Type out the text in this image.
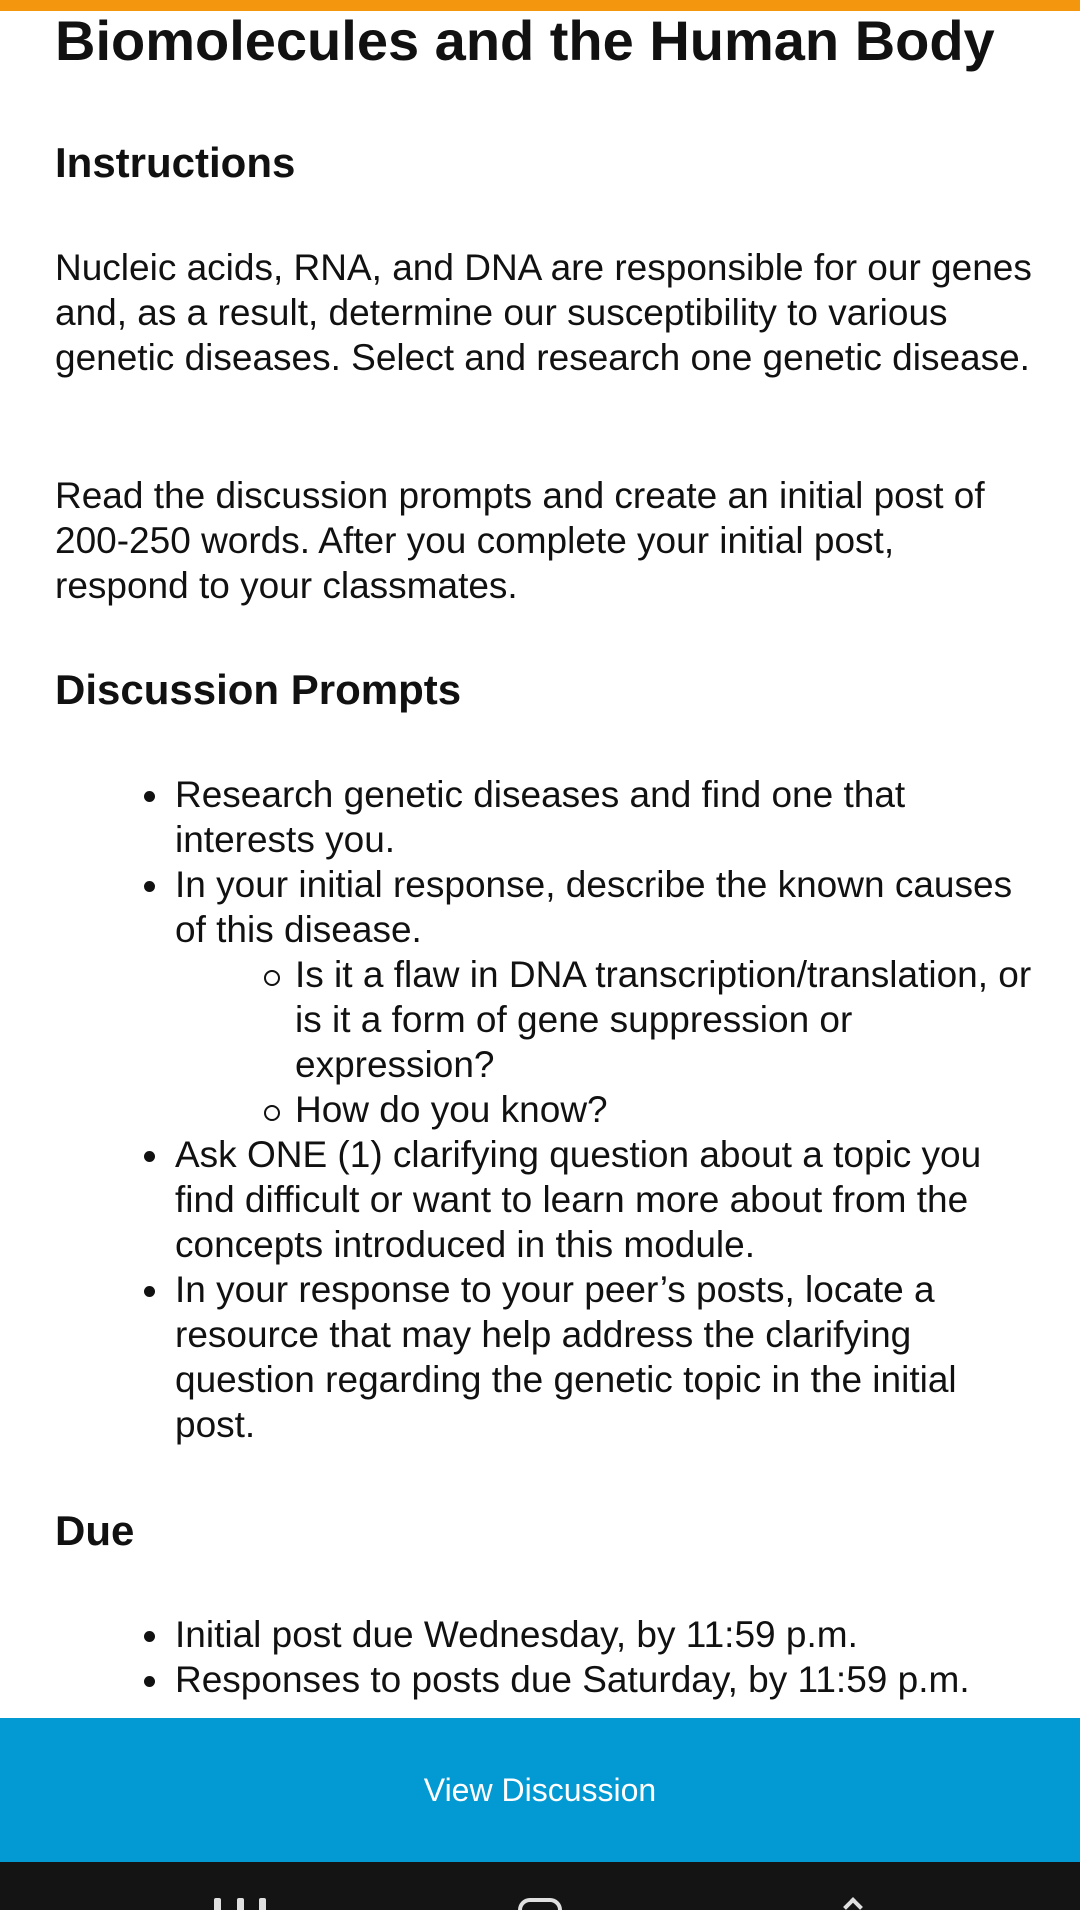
Biomolecules and the Human Body
Instructions

Nucleic acids, RNA, and DNA are responsible for our genes and, as a result, determine our susceptibility to various genetic diseases. Select and research one genetic disease.

Read the discussion prompts and create an initial post of 200-250 words. After you complete your initial post, respond to your classmates.

Discussion Prompts
Research genetic diseases and find one that interests you.
In your initial response, describe the known causes of this disease.
Is it a flaw in DNA transcription/translation, or is it a form of gene suppression or expression?
How do you know?
Ask ONE (1) clarifying question about a topic you find difficult or want to learn more about from the concepts introduced in this module.
In your response to your peer’s posts, locate a resource that may help address the clarifying question regarding the genetic topic in the initial post.
Due
Initial post due Wednesday, by 11:59 p.m.
Responses to posts due Saturday, by 11:59 p.m.
View Discussion
